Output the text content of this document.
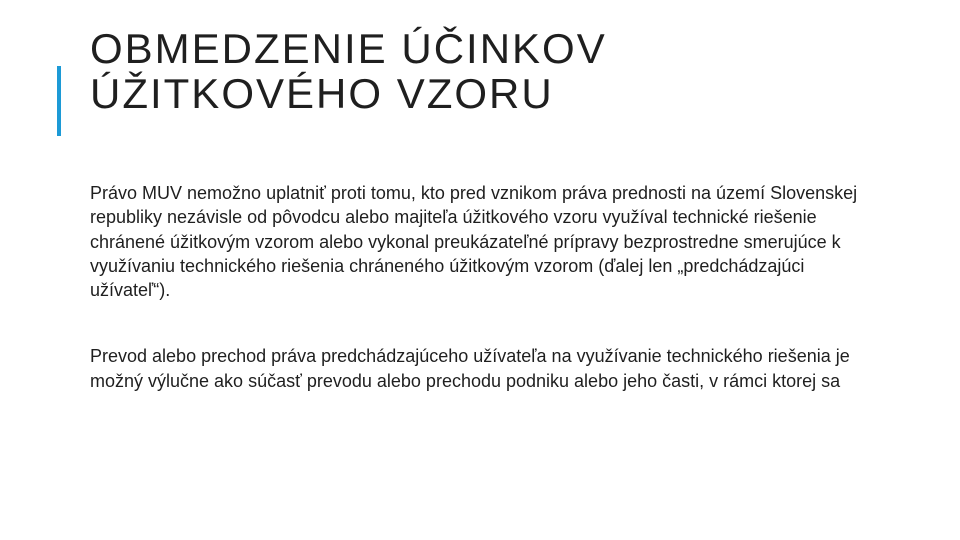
OBMEDZENIE ÚČINKOV
ÚŽITKOVÉHO VZORU

Právo MUV nemožno uplatniť proti tomu, kto pred vznikom práva prednosti na území Slovenskej republiky nezávisle od pôvodcu alebo majiteľa úžitkového vzoru využíval technické riešenie chránené úžitkovým vzorom alebo vykonal preukázateľné prípravy bezprostredne smerujúce k využívaniu technického riešenia chráneného úžitkovým vzorom (ďalej len „predchádzajúci užívateľ“).

Prevod alebo prechod práva predchádzajúceho užívateľa na využívanie technického riešenia je možný výlučne ako súčasť prevodu alebo prechodu podniku alebo jeho časti, v rámci ktorej sa
